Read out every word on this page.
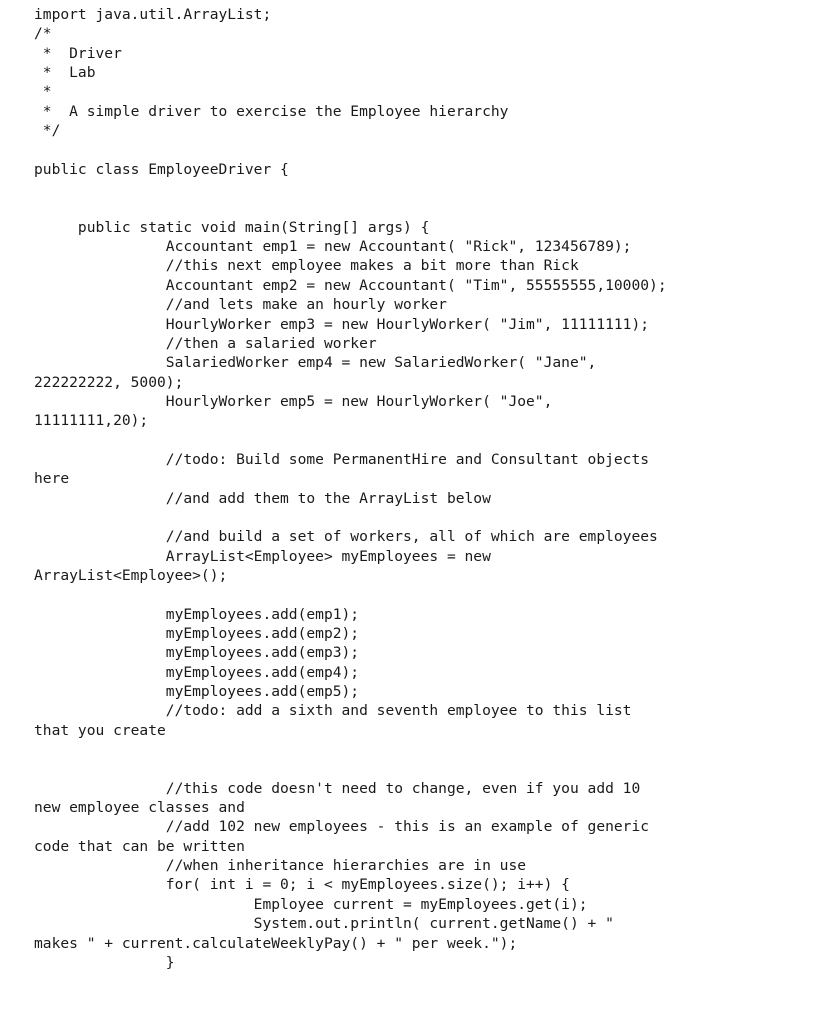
import java.util.ArrayList;
/*
*  Driver
*  Lab
*
*  A simple driver to exercise the Employee hierarchy
*/
public class EmployeeDriver {
public static void main(String[] args) {
Accountant emp1 = new Accountant( "Rick", 123456789);
//this next employee makes a bit more than Rick
Accountant emp2 = new Accountant( "Tim", 55555555,10000);
//and lets make an hourly worker
HourlyWorker emp3 = new HourlyWorker( "Jim", 11111111);
//then a salaried worker
SalariedWorker emp4 = new SalariedWorker( "Jane",
222222222, 5000);
HourlyWorker emp5 = new HourlyWorker( "Joe",
11111111,20);
//todo: Build some PermanentHire and Consultant objects
here
//and add them to the ArrayList below
//and build a set of workers, all of which are employees
ArrayList<Employee> myEmployees = new
ArrayList<Employee>();
myEmployees.add(emp1);
myEmployees.add(emp2);
myEmployees.add(emp3);
myEmployees.add(emp4);
myEmployees.add(emp5);
//todo: add a sixth and seventh employee to this list
that you create
//this code doesn't need to change, even if you add 10
new employee classes and
//add 102 new employees - this is an example of generic
code that can be written
//when inheritance hierarchies are in use
for( int i = 0; i < myEmployees.size(); i++) {
Employee current = myEmployees.get(i);
System.out.println( current.getName() + "
makes " + current.calculateWeeklyPay() + " per week.");
}
